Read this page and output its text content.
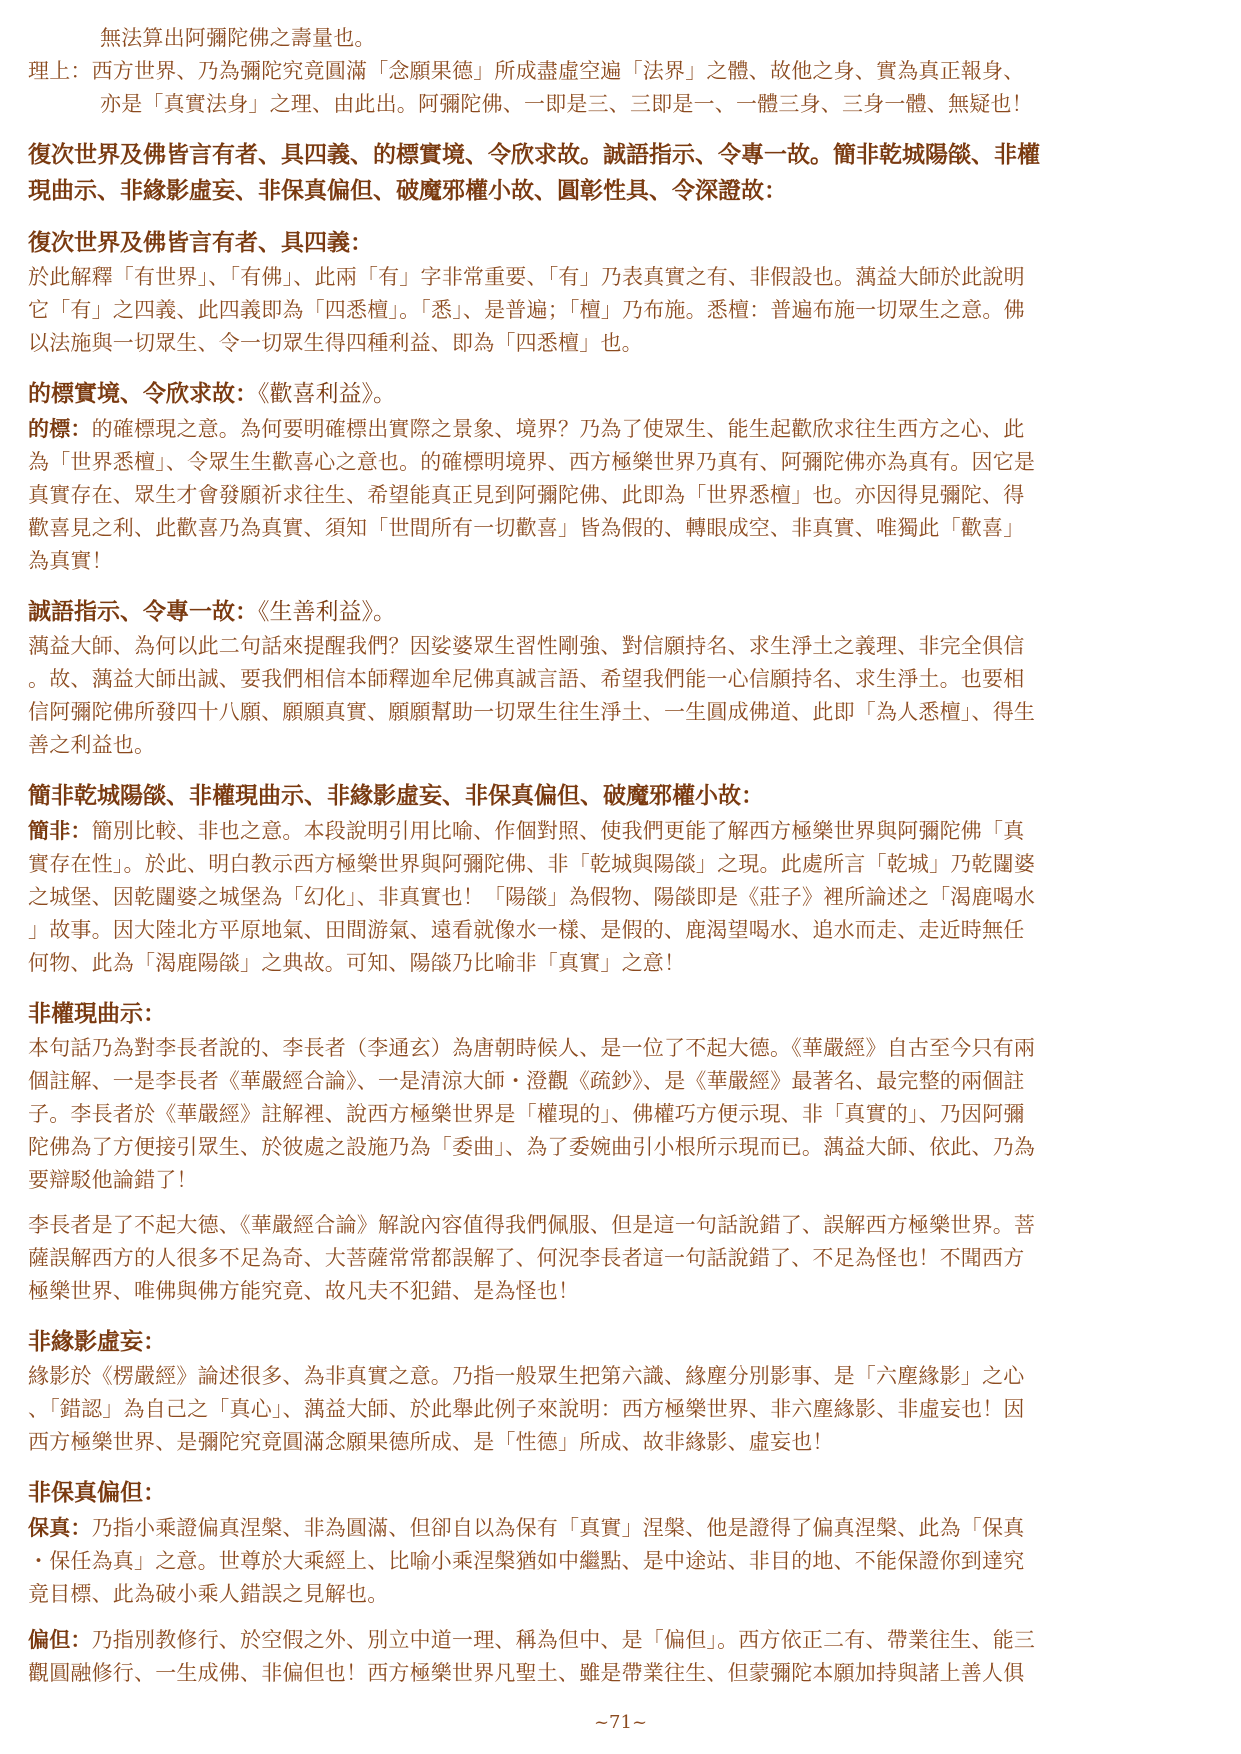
無法算出阿彌陀佛之壽量也。
理上：西方世界、乃為彌陀究竟圓滿「念願果德」所成盡虛空遍「法界」之體、故他之身、實為真正報身、
亦是「真實法身」之理、由此出。阿彌陀佛、一即是三、三即是一、一體三身、三身一體、無疑也！
復次世界及佛皆言有者、具四義、的標實境、令欣求故。誠語指示、令專一故。簡非乾城陽燄、非權
現曲示、非緣影虛妄、非保真偏但、破魔邪權小故、圓彰性具、令深證故：
復次世界及佛皆言有者、具四義：
於此解釋「有世界」、「有佛」、此兩「有」字非常重要、「有」乃表真實之有、非假設也。蕅益大師於此說明
它「有」之四義、此四義即為「四悉檀」。「悉」、是普遍；「檀」乃布施。悉檀：普遍布施一切眾生之意。佛
以法施與一切眾生、令一切眾生得四種利益、即為「四悉檀」也。
的標實境、令欣求故：《歡喜利益》。
的標：的確標現之意。為何要明確標出實際之景象、境界？乃為了使眾生、能生起歡欣求往生西方之心、此
為「世界悉檀」、令眾生生歡喜心之意也。的確標明境界、西方極樂世界乃真有、阿彌陀佛亦為真有。因它是
真實存在、眾生才會發願祈求往生、希望能真正見到阿彌陀佛、此即為「世界悉檀」也。亦因得見彌陀、得
歡喜見之利、此歡喜乃為真實、須知「世間所有一切歡喜」皆為假的、轉眼成空、非真實、唯獨此「歡喜」
為真實！
誠語指示、令專一故：《生善利益》。
蕅益大師、為何以此二句話來提醒我們？因娑婆眾生習性剛強、對信願持名、求生淨土之義理、非完全俱信
。故、蕅益大師出誠、要我們相信本師釋迦牟尼佛真誠言語、希望我們能一心信願持名、求生淨土。也要相
信阿彌陀佛所發四十八願、願願真實、願願幫助一切眾生往生淨土、一生圓成佛道、此即「為人悉檀」、得生
善之利益也。
簡非乾城陽燄、非權現曲示、非緣影虛妄、非保真偏但、破魔邪權小故：
簡非：簡別比較、非也之意。本段說明引用比喻、作個對照、使我們更能了解西方極樂世界與阿彌陀佛「真
實存在性」。於此、明白教示西方極樂世界與阿彌陀佛、非「乾城與陽燄」之現。此處所言「乾城」乃乾闥婆
之城堡、因乾闥婆之城堡為「幻化」、非真實也！「陽燄」為假物、陽燄即是《莊子》裡所論述之「渴鹿喝水
」故事。因大陸北方平原地氣、田間游氣、遠看就像水一樣、是假的、鹿渴望喝水、追水而走、走近時無任
何物、此為「渴鹿陽燄」之典故。可知、陽燄乃比喻非「真實」之意！
非權現曲示：
本句話乃為對李長者說的、李長者（李通玄）為唐朝時候人、是一位了不起大德。《華嚴經》自古至今只有兩
個註解、一是李長者《華嚴經合論》、一是清涼大師・澄觀《疏鈔》、是《華嚴經》最著名、最完整的兩個註
子。李長者於《華嚴經》註解裡、說西方極樂世界是「權現的」、佛權巧方便示現、非「真實的」、乃因阿彌
陀佛為了方便接引眾生、於彼處之設施乃為「委曲」、為了委婉曲引小根所示現而已。蕅益大師、依此、乃為
要辯駁他論錯了！
李長者是了不起大德、《華嚴經合論》解說內容值得我們佩服、但是這一句話說錯了、誤解西方極樂世界。菩
薩誤解西方的人很多不足為奇、大菩薩常常都誤解了、何況李長者這一句話說錯了、不足為怪也！不聞西方
極樂世界、唯佛與佛方能究竟、故凡夫不犯錯、是為怪也！
非緣影虛妄：
緣影於《楞嚴經》論述很多、為非真實之意。乃指一般眾生把第六識、緣塵分別影事、是「六塵緣影」之心
、「錯認」為自己之「真心」、蕅益大師、於此舉此例子來說明：西方極樂世界、非六塵緣影、非虛妄也！因
西方極樂世界、是彌陀究竟圓滿念願果德所成、是「性德」所成、故非緣影、虛妄也！
非保真偏但：
保真：乃指小乘證偏真涅槃、非為圓滿、但卻自以為保有「真實」涅槃、他是證得了偏真涅槃、此為「保真
・保任為真」之意。世尊於大乘經上、比喻小乘涅槃猶如中繼點、是中途站、非目的地、不能保證你到達究
竟目標、此為破小乘人錯誤之見解也。
偏但：乃指別教修行、於空假之外、別立中道一理、稱為但中、是「偏但」。西方依正二有、帶業往生、能三
觀圓融修行、一生成佛、非偏但也！西方極樂世界凡聖土、雖是帶業往生、但蒙彌陀本願加持與諸上善人俱
~71~
